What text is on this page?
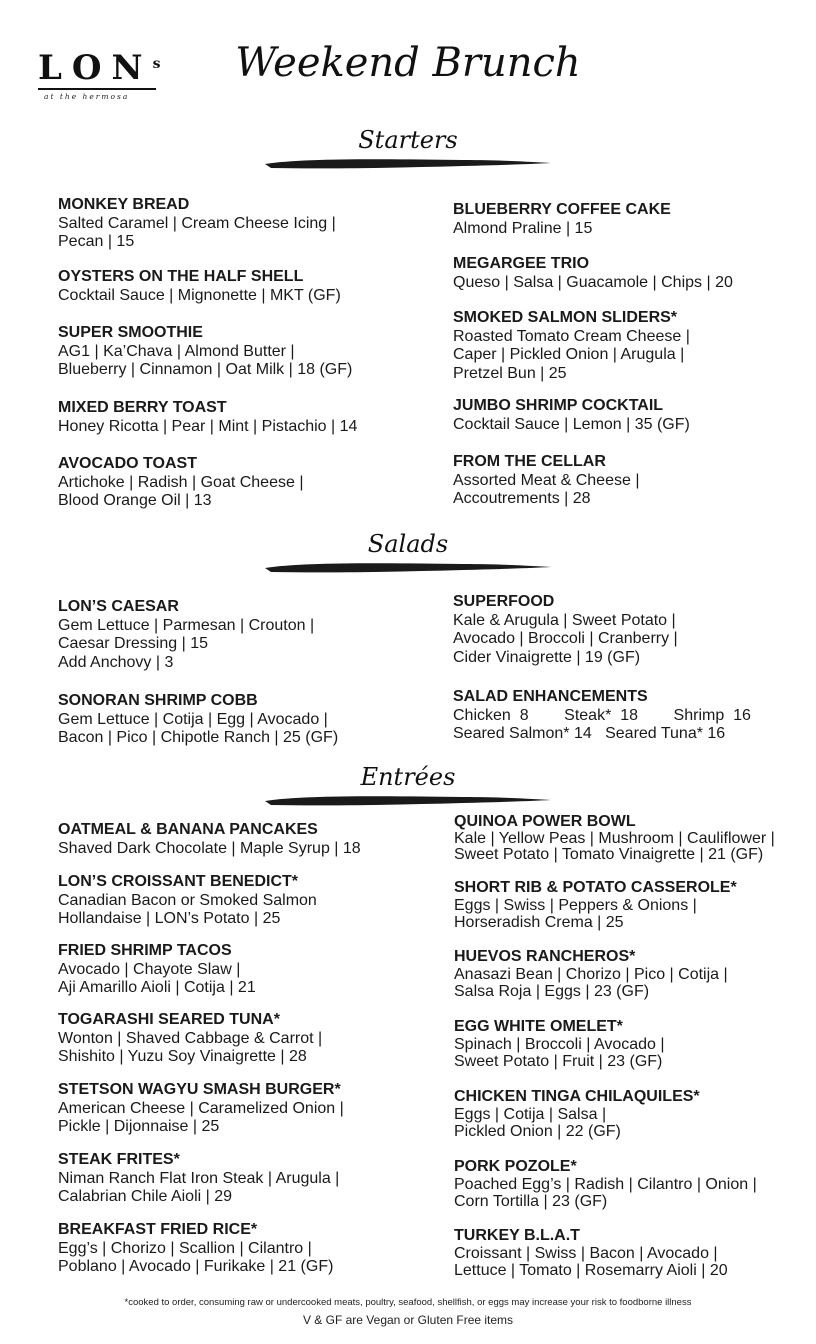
LON$^s$
at the hermosa
Weekend Brunch
Starters
Salads
Entrées
MONKEY BREAD
Salted Caramel | Cream Cheese Icing |
Pecan | 15
OYSTERS ON THE HALF SHELL
Cocktail Sauce | Mignonette | MKT (GF)
SUPER SMOOTHIE
AG1 | Ka’Chava | Almond Butter |
Blueberry | Cinnamon | Oat Milk | 18 (GF)
MIXED BERRY TOAST
Honey Ricotta | Pear | Mint | Pistachio | 14
AVOCADO TOAST
Artichoke | Radish | Goat Cheese |
Blood Orange Oil | 13
BLUEBERRY COFFEE CAKE
Almond Praline | 15
MEGARGEE TRIO
Queso | Salsa | Guacamole | Chips | 20
SMOKED SALMON SLIDERS*
Roasted Tomato Cream Cheese |
Caper | Pickled Onion | Arugula |
Pretzel Bun | 25
JUMBO SHRIMP COCKTAIL
Cocktail Sauce | Lemon | 35 (GF)
FROM THE CELLAR
Assorted Meat & Cheese |
Accoutrements | 28
LON’S CAESAR
Gem Lettuce | Parmesan | Crouton |
Caesar Dressing | 15
Add Anchovy | 3
SONORAN SHRIMP COBB
Gem Lettuce | Cotija | Egg | Avocado |
Bacon | Pico | Chipotle Ranch | 25 (GF)
SUPERFOOD
Kale & Arugula | Sweet Potato |
Avocado | Broccoli | Cranberry |
Cider Vinaigrette | 19 (GF)
SALAD ENHANCEMENTS
Chicken  8        Steak*  18        Shrimp  16
Seared Salmon* 14   Seared Tuna* 16
OATMEAL & BANANA PANCAKES
Shaved Dark Chocolate | Maple Syrup | 18
LON’S CROISSANT BENEDICT*
Canadian Bacon or Smoked Salmon
Hollandaise | LON’s Potato | 25
FRIED SHRIMP TACOS
Avocado | Chayote Slaw |
Aji Amarillo Aioli | Cotija | 21
TOGARASHI SEARED TUNA*
Wonton | Shaved Cabbage & Carrot |
Shishito | Yuzu Soy Vinaigrette | 28
STETSON WAGYU SMASH BURGER*
American Cheese | Caramelized Onion |
Pickle | Dijonnaise | 25
STEAK FRITES*
Niman Ranch Flat Iron Steak | Arugula |
Calabrian Chile Aioli | 29
BREAKFAST FRIED RICE*
Egg’s | Chorizo | Scallion | Cilantro |
Poblano | Avocado | Furikake | 21 (GF)
QUINOA POWER BOWL
Kale | Yellow Peas | Mushroom | Cauliflower |
Sweet Potato | Tomato Vinaigrette | 21 (GF)
SHORT RIB & POTATO CASSEROLE*
Eggs | Swiss | Peppers & Onions |
Horseradish Crema | 25
HUEVOS RANCHEROS*
Anasazi Bean | Chorizo | Pico | Cotija |
Salsa Roja | Eggs | 23 (GF)
EGG WHITE OMELET*
Spinach | Broccoli | Avocado |
Sweet Potato | Fruit | 23 (GF)
CHICKEN TINGA CHILAQUILES*
Eggs | Cotija | Salsa |
Pickled Onion | 22 (GF)
PORK POZOLE*
Poached Egg’s | Radish | Cilantro | Onion |
Corn Tortilla | 23 (GF)
TURKEY B.L.A.T
Croissant | Swiss | Bacon | Avocado |
Lettuce | Tomato | Rosemarry Aioli | 20
*cooked to order, consuming raw or undercooked meats, poultry, seafood, shellfish, or eggs may increase your risk to foodborne illness
V & GF are Vegan or Gluten Free items
